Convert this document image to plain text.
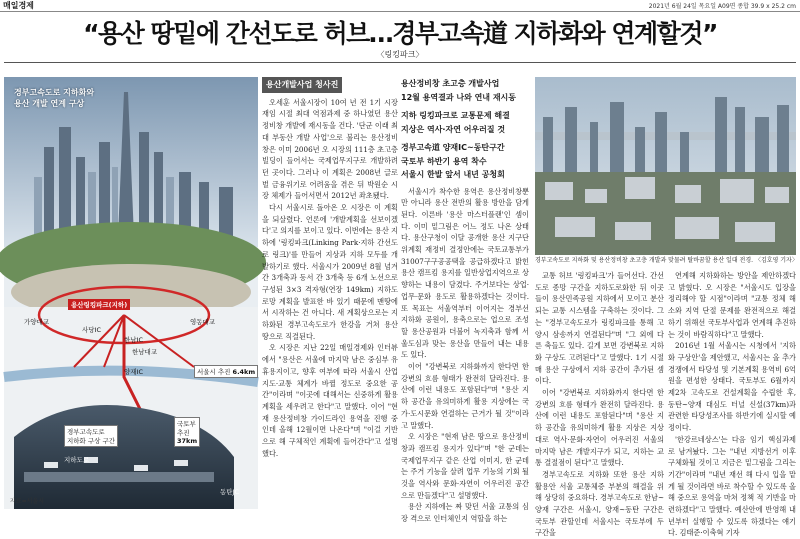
매일경제	2021년 6월 24일 목요일 A09면 종합 39.9 x 25.2 cm
“용산 땅밑에 간선도로 허브…경부고속道 지하화와 연계할것”
〈링킹파크〉
경부고속도로 지하화와
용산 개발 연계 구상
용산링킹파크(지하)
가양대교
사당IC
영동대교
한남대교
한남IC
양재IC	서울시 추진 6.4km
국토부
추진
37km
경부고속도로
지하화 구상 구간
지하도로
동탄JC
자료=서울시
용산개발사업 청사진

오세훈 서울시장이 10여 년 전 1기 시장 재임 시절 최대 역점과제 중 하나였던 용산정비창 개발에 재시동을 건다. '단군 이래 최대 부동산 개발 사업'으로 불리는 용산정비창은 이미 2006년 오 시장의 111층 초고층 빌딩이 들어서는 국제업무지구로 개발하려던 곳이다. 그러나 이 계획은 2008년 글로벌 금융위기로 어려움을 겪은 뒤 박원순 시장 체제가 들어서면서 2012년 좌초됐다.

다시 서울시로 돌아온 오 시장은 이 계획을 되살렸다. 언론에 '개발계획을 선보이겠다'고 의지를 보이고 있다. 이번에는 용산 지하에 '링킹파크(Linking Park·지하 간선도로 링크)'를 만들어 지상과 지하 모두를 개발하기로 했다. 서울시가 2009년 8월 넘겨 간 3개축과 동서 간 3개축 등 6개 노선으로 구성된 3×3 격자형(연장 149km) 지하도로망 계획을 발표한 바 있기 때문에 맨땅에서 시작하는 건 아니다. 새 계획상으로는 지하화된 경부고속도로가 한강을 거쳐 용산 땅으로 직결된다.

오 시장은 지난 22일 매일경제와 인터뷰에서 "용산은 서울에 마지막 남은 중심부 유휴용지이고, 향후 여부에 따라 서울시 산업지도·교통 체계가 바뀔 정도로 중요한 공간"이라며 "이곳에 대해서는 신중하게 활용 계획을 세우려고 한다"고 말했다. 이어 "현재 용산정비창 가이드라인 용역을 진행 중인데 올해 12월이면 나온다"며 "이걸 기반으로 해 구체적인 계획에 들어간다"고 설명했다.

용산정비창 초고층 개발사업
12월 용역결과 나와 연내 재시동
지하 링킹파크로 교통문제 해결
지상은 역사·자연 어우러질 것
경부고속道 양재IC~동탄구간
국토부 하반기 용역 착수
서울시 한발 앞서 내년 공청회

서울시가 착수한 용역은 용산정비창뿐만 아니라 용산 전반의 활용 방안을 담게 된다. 이른바 '용산 마스터플랜'인 셈이다. 이미 밑그림은 어느 정도 나온 상태다. 용산구청이 이달 공개한 용산 지구단위계획 재정비 결정안에는 국토교통부가 31007구구공공택을 공급하겠다고 밝힌 용산 캠프킴 용지를 일반상업지역으로 상향하는 내용이 담겼다. 주거보다는 상업·업무·문화 용도로 활용하겠다는 것이다. 또 목표는 서울역부터 이어지는 경부선 지하화 공원이, 용축으로는 업으로 조성할 용산공원과 더불어 녹지축과 함께 서울도심과 맞는 용산을 만들어 내는 내용도 있다.

이어 "강변북로 지하화까지 한다면 한강변의 흐름 형태가 완전히 달라진다. 용산에 이런 내용도 포함된다"며 "용산 지하 공간을 유의미하게 활용 지상에는 국가·도시문화 연결하는 근거가 될 것"이라고 말했다.

오 시장은 "현재 남은 땅으로 용산정비창과 캠프킴 용지가 있다"며 "한 군데는 국제업무지구 같은 산업 이미지, 한 군데는 주거 기능을 살려 업무 기능의 기회 될 것을 역사와 문화·자연이 어우러진 공간으로 만들겠다"고 설명했다.

용산 지하에는 짜 맞던 서울 교통의 심장 격으로 인터체인지 역할을 하는

경부고속도로 지하화 및 용산정비창 초고층 개발과 맞물려 탈바꿈할 용산 일대 전경. 〈김호영 기자〉

교통 허브 '링킹파크'가 들어선다. 간선도로 종망 구간을 지하도로화한 뒤 이곳들이 용산민족공원 지하에서 모이고 분산되는 교통 시스템을 구축하는 것이다. 그는 "경부고속도로가 링킹파크를 통해 고양시 삼송까지 연결된다"며 "그 외에 다른 축들도 있다. 길게 보면 강변북로 지하화 구상도 고려된다"고 말했다. 1기 시절 매 용산 구상에서 지하 공간이 추가된 셈이다.

이어 "강변북로 지하화까지 한다면 한강변의 흐름 형태가 완전히 달라진다. 용산에 이런 내용도 포함된다"며 "용산 지하 공간을 유의미하게 활용 지상은 지상대로 역사·문화·자연이 어우러진 서울의 마지막 남은 개발지구가 되고, 지하는 교통 결절점이 된다"고 말했다.

경부고속도로 지하화 또한 용산 지하 활용안 서울 교통체증 부분의 해결을 위해 상당히 중요하다. 경부고속도로 한남~양재 구간은 서울시, 양재~동탄 구간은 국토부 관할인데 서울시는 국토부에 두 구간을

연계해 지하화하는 방안을 제안하겠다고 밝혔다. 오 시장은 "서울시도 입장을 정리해야 할 시점"이라며 "교통 정체 해소와 지역 단절 문제를 완전적으로 해결하기 위해선 국토부사업과 연계해 추진하는 것이 바람직하다"고 말했다.

2016년 1월 서울시는 시청에서 '지하화 구상안'을 제안했고, 서울시는 올 추가 경쟁에서 타당성 및 기본계획 용역비 6억원을 편성한 상태다. 국토부도 6월까지 제2차 고속도로 건설계획을 수립한 후, 동탄~양재 대심도 터널 신설(37km)과 관련한 타당성조사를 하반기에 실시할 예정이다.

'한강르네상스'는 다음 임기 핵심과제로 남겨놨다. 그는 "내년 지방선거 이후 구체화될 것이고 지금은 밑그림을 그리는 기간"이라며 "내년 재선 해 다시 입을 맡게 될 것이라면 바로 착수할 수 있도록 올해 중으로 용역을 마쳐 정책 적 기반을 마련하겠다"고 말했다. 예산안에 반영해 내년부터 실행할 수 있도록 하겠다는 얘기다. 김태준·이축혁 기자
